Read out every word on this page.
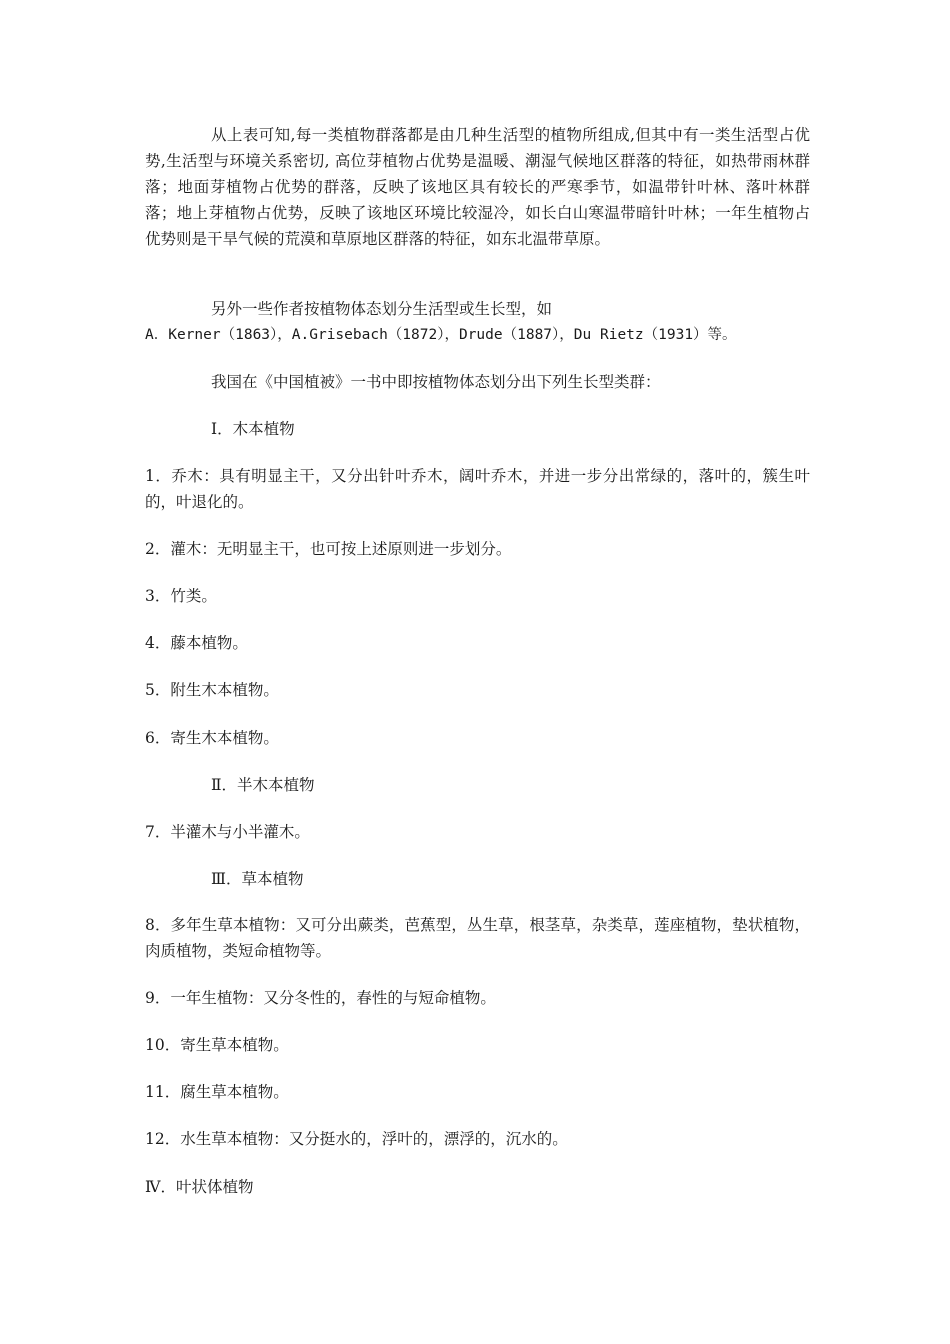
从上表可知,每一类植物群落都是由几种生活型的植物所组成,但其中有一类生活型占优势,生活型与环境关系密切, 高位芽植物占优势是温暖、潮湿气候地区群落的特征，如热带雨林群落；地面芽植物占优势的群落，反映了该地区具有较长的严寒季节，如温带针叶林、落叶林群落；地上芽植物占优势，反映了该地区环境比较湿冷，如长白山寒温带暗针叶林；一年生植物占优势则是干旱气候的荒漠和草原地区群落的特征，如东北温带草原。

另外一些作者按植物体态划分生活型或生长型，如
A．Kerner（1863），A.Grisebach（1872），Drude（1887），Du Rietz（1931）等。
我国在《中国植被》一书中即按植物体态划分出下列生长型类群：
Ⅰ．木本植物

1．乔木：具有明显主干，又分出针叶乔木，阔叶乔木，并进一步分出常绿的，落叶的，簇生叶的，叶退化的。

2．灌木：无明显主干，也可按上述原则进一步划分。
3．竹类。
4．藤本植物。
5．附生木本植物。
6．寄生木本植物。
Ⅱ．半木本植物
7．半灌木与小半灌木。
Ⅲ．草本植物

8．多年生草本植物：又可分出蕨类，芭蕉型，丛生草，根茎草，杂类草，莲座植物，垫状植物，肉质植物，类短命植物等。

9．一年生植物：又分冬性的，春性的与短命植物。
10．寄生草本植物。
11．腐生草本植物。
12．水生草本植物：又分挺水的，浮叶的，漂浮的，沉水的。
Ⅳ．叶状体植物
